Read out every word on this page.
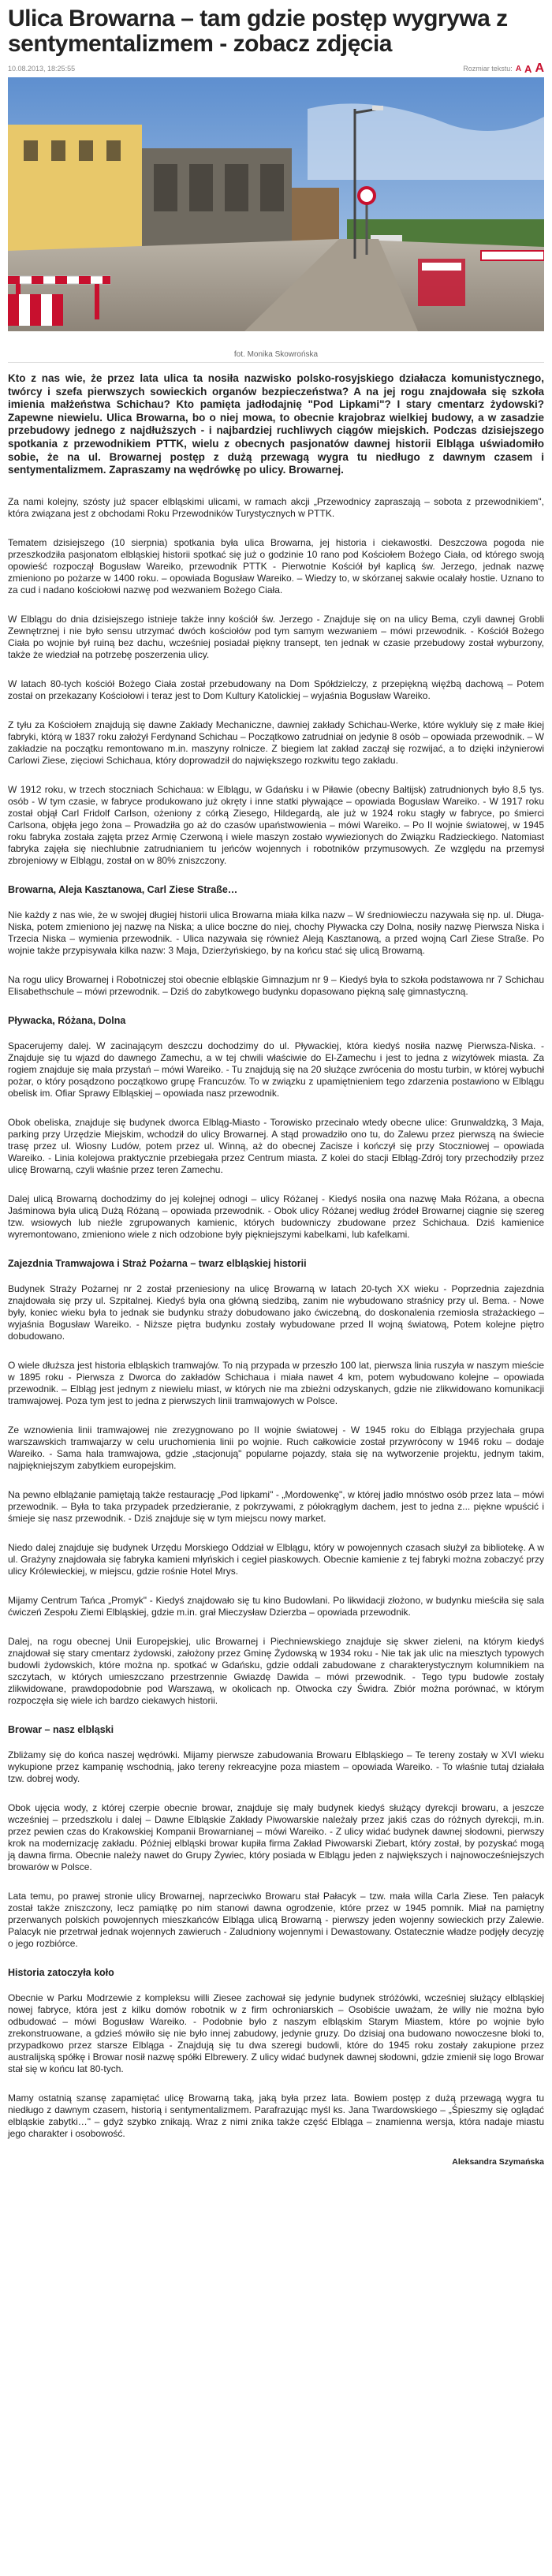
Ulica Browarna – tam gdzie postęp wygrywa z sentymentalizmem - zobacz zdjęcia
10.08.2013, 18:25:55	Rozmiar tekstu: A A A
fot. Monika Skowrońska
Kto z nas wie, że przez lata ulica ta nosiła nazwisko polsko-rosyjskiego działacza komunistycznego, twórcy i szefa pierwszych sowieckich organów bezpieczeństwa? A na jej rogu znajdowała się szkoła imienia małżeństwa Schichau? Kto pamięta jadłodajnię "Pod Lipkami"? I stary cmentarz żydowski? Zapewne niewielu. Ulica Browarna, bo o niej mowa, to obecnie krajobraz wielkiej budowy, a w zasadzie przebudowy jednego z najdłuższych - i najbardziej ruchliwych ciągów miejskich. Podczas dzisiejszego spotkania z przewodnikiem PTTK, wielu z obecnych pasjonatów dawnej historii Elbląga uświadomiło sobie, że na ul. Browarnej postęp z dużą przewagą wygra tu niedługo z dawnym czasem i sentymentalizmem. Zapraszamy na wędrówkę po ulicy. Browarnej.

Za nami kolejny, szósty już spacer elbląskimi ulicami, w ramach akcji „Przewodnicy zapraszają – sobota z przewodnikiem", która związana jest z obchodami Roku Przewodników Turystycznych w PTTK.

Tematem dzisiejszego (10 sierpnia) spotkania była ulica Browarna, jej historia i ciekawostki. Deszczowa pogoda nie przeszkodziła pasjonatom elbląskiej historii spotkać się już o godzinie 10 rano pod Kościołem Bożego Ciała, od którego swoją opowieść rozpoczął Bogusław Wareiko, przewodnik PTTK - Pierwotnie Kościół był kaplicą św. Jerzego, jednak nazwę zmieniono po pożarze w 1400 roku. – opowiada Bogusław Wareiko. – Wiedzy to, w skórzanej sakwie ocalały hostie. Uznano to za cud i nadano kościołowi nazwę pod wezwaniem Bożego Ciała.

W Elblągu do dnia dzisiejszego istnieje także inny kościół św. Jerzego - Znajduje się on na ulicy Bema, czyli dawnej Grobli Zewnętrznej i nie było sensu utrzymać dwóch kościołów pod tym samym wezwaniem – mówi przewodnik. - Kościół Bożego Ciała po wojnie był ruiną bez dachu, wcześniej posiadał piękny transept, ten jednak w czasie przebudowy został wyburzony, także że wiedział na potrzebę poszerzenia ulicy.

W latach 80-tych kościół Bożego Ciała został przebudowany na Dom Spółdzielczy, z przepiękną więźbą dachową – Potem został on przekazany Kościołowi i teraz jest to Dom Kultury Katolickiej – wyjaśnia Bogusław Wareiko.

Z tyłu za Kościołem znajdują się dawne Zakłady Mechaniczne, dawniej zakłady Schichau-Werke, które wykluły się z małe łkiej fabryki, którą w 1837 roku założył Ferdynand Schichau – Początkowo zatrudniał on jedynie 8 osób – opowiada przewodnik. – W zakładzie na początku remontowano m.in. maszyny rolnicze. Z biegiem lat zakład zaczął się rozwijać, a to dzięki inżynierowi Carlowi Ziese, zięciowi Schichaua, który doprowadził do największego rozkwitu tego zakładu.

W 1912 roku, w trzech stoczniach Schichaua: w Elblągu, w Gdańsku i w Piławie (obecny Bałtijsk) zatrudnionych było 8,5 tys. osób - W tym czasie, w fabryce produkowano już okręty i inne statki pływające – opowiada Bogusław Wareiko. - W 1917 roku został objął Carl Fridolf Carlson, ożeniony z córką Ziesego, Hildegardą, ale już w 1924 roku stagły w fabryce, po śmierci Carlsona, objęła jego żona – Prowadziła go aż do czasów upaństwowienia – mówi Wareiko. – Po II wojnie światowej, w 1945 roku fabryka została zajęta przez Armię Czerwoną i wiele maszyn zostało wywiezionych do Związku Radzieckiego. Natomiast fabryka zajęła się niechlubnie zatrudnianiem tu jeńców wojennych i robotników przymusowych. Ze względu na przemysł zbrojeniowy w Elblągu, został on w 80% zniszczony.

Browarna, Aleja Kasztanowa, Carl Ziese Straße…

Nie każdy z nas wie, że w swojej długiej historii ulica Browarna miała kilka nazw – W średniowieczu nazywała się np. ul. Długa-Niska, potem zmieniono jej nazwę na Niska; a ulice boczne do niej, chochy Pływacka czy Dolna, nosiły nazwę Pierwsza Niska i Trzecia Niska – wymienia przewodnik. - Ulica nazywała się również Aleją Kasztanową, a przed wojną Carl Ziese Straße. Po wojnie także przypisywała kilka nazw: 3 Maja, Dzierżyńskiego, by na końcu stać się ulicą Browarną.

Na rogu ulicy Browarnej i Robotniczej stoi obecnie elbląskie Gimnazjum nr 9 – Kiedyś była to szkoła podstawowa nr 7 Schichau Elisabethschule – mówi przewodnik. – Dziś do zabytkowego budynku dopasowano piękną salę gimnastyczną.

Pływacka, Różana, Dolna

Spacerujemy dalej. W zacinającym deszczu dochodzimy do ul. Pływackiej, która kiedyś nosiła nazwę Pierwsza-Niska. - Znajduje się tu wjazd do dawnego Zamechu, a w tej chwili właściwie do El-Zamechu i jest to jedna z wizytówek miasta. Za rogiem znajduje się mała przystań – mówi Wareiko. - Tu znajdują się na 20 służące zwrócenia do mostu turbin, w której wybuchł pożar, o który posądzono początkowo grupę Francuzów. To w związku z upamiętnieniem tego zdarzenia postawiono w Elblągu obelisk im. Ofiar Sprawy Elbląskiej – opowiada nasz przewodnik.

Obok obeliska, znajduje się budynek dworca Elbląg-Miasto - Torowisko przecinało wtedy obecne ulice: Grunwaldzką, 3 Maja, parking przy Urzędzie Miejskim, wchodził do ulicy Browarnej. A stąd prowadziło ono tu, do Zalewu przez pierwszą na świecie trasę przez ul. Wiosny Ludów, potem przez ul. Winną, aż do obecnej Zacisze i kończył się przy Stoczniowej – opowiada Wareiko. - Linia kolejowa praktycznie przebiegała przez Centrum miasta. Z kolei do stacji Elbląg-Zdrój tory przechodziły przez ulicę Browarną, czyli właśnie przez teren Zamechu.

Dalej ulicą Browarną dochodzimy do jej kolejnej odnogi – ulicy Różanej - Kiedyś nosiła ona nazwę Mała Różana, a obecna Jaśminowa była ulicą Dużą Różaną – opowiada przewodnik. - Obok ulicy Różanej według źródeł Browarnej ciągnie się szereg tzw. wsiowych lub nieźle zgrupowanych kamienic, których budowniczy zbudowane przez Schichaua. Dziś kamienice wyremontowano, zmieniono wiele z nich odzobione były piękniejszymi kabelkami, lub kafelkami.

Zajezdnia Tramwajowa i Straż Pożarna – twarz elbląskiej historii

Budynek Straży Pożarnej nr 2 został przeniesiony na ulicę Browarną w latach 20-tych XX wieku - Poprzednia zajezdnia znajdowała się przy ul. Szpitalnej. Kiedyś była ona główną siedzibą, zanim nie wybudowano straśnicy przy ul. Bema. - Nowe były, koniec wieku była to jednak sie budynku straży dobudowano jako ćwiczebną, do doskonalenia rzemiosła strażackiego – wyjaśnia Bogusław Wareiko. - Niższe piętra budynku zostały wybudowane przed II wojną światową, Potem kolejne piętro dobudowano.

O wiele dłuższa jest historia elbląskich tramwajów. To nią przypada w przeszło 100 lat, pierwsza linia ruszyła w naszym mieście w 1895 roku - Pierwsza z Dworca do zakładów Schichaua i miała nawet 4 km, potem wybudowano kolejne – opowiada przewodnik. – Elbląg jest jednym z niewielu miast, w których nie ma zbieżni odzyskanych, gdzie nie zlikwidowano komunikacji tramwajowej. Poza tym jest to jedna z pierwszych linii tramwajowych w Polsce.

Ze wznowienia linii tramwajowej nie zrezygnowano po II wojnie światowej - W 1945 roku do Elbląga przyjechała grupa warszawskich tramwajarzy w celu uruchomienia linii po wojnie. Ruch całkowicie został przywrócony w 1946 roku – dodaje Wareiko. - Sama hala tramwajowa, gdzie „stacjonują" popularne pojazdy, stała się na wytworzenie projektu, jednym takim, najpiękniejszym zabytkiem europejskim.

Na pewno elblążanie pamiętają także restaurację „Pod lipkami" - „Mordowenkę", w której jadło mnóstwo osób przez lata – mówi przewodnik. – Była to taka przypadek przedzieranie, z pokrzywami, z półokrągłym dachem, jest to jedna z... piękne wpuścić i śmieje się nasz przewodnik. - Dziś znajduje się w tym miejscu nowy market.

Niedo dalej znajduje się budynek Urzędu Morskiego Oddział w Elblągu, który w powojennych czasach służył za bibliotekę. A w ul. Grażyny znajdowała się fabryka kamieni młyńskich i cegieł piaskowych. Obecnie kamienie z tej fabryki można zobaczyć przy ulicy Królewieckiej, w miejscu, gdzie rośnie Hotel Mrys.

Mijamy Centrum Tańca „Promyk" - Kiedyś znajdowało się tu kino Budowlani. Po likwidacji złożono, w budynku mieściła się sala ćwiczeń Zespołu Ziemi Elbląskiej, gdzie m.in. grał Mieczysław Dzierzba – opowiada przewodnik.

Dalej, na rogu obecnej Unii Europejskiej, ulic Browarnej i Piechniewskiego znajduje się skwer zieleni, na którym kiedyś znajdował się stary cmentarz żydowski, założony przez Gminę Żydowską w 1934 roku - Nie tak jak ulic na miesztych typowych budowli żydowskich, które można np. spotkać w Gdańsku, gdzie oddali zabudowane z charakterystycznym kolumnikiem na szczytach, w których umieszczano przestrzennie Gwiazdę Dawida – mówi przewodnik. - Tego typu budowle zostały zlikwidowane, prawdopodobnie pod Warszawą, w okolicach np. Otwocka czy Świdra. Zbiór można porównać, w którym rozpoczęła się wiele ich bardzo ciekawych historii.

Browar – nasz elbląski

Zbliżamy się do końca naszej wędrówki. Mijamy pierwsze zabudowania Browaru Elbląskiego – Te tereny zostały w XVI wieku wykupione przez kampanię wschodnią, jako tereny rekreacyjne poza miastem – opowiada Wareiko. - To właśnie tutaj działała tzw. dobrej wody.

Obok ujęcia wody, z której czerpie obecnie browar, znajduje się mały budynek kiedyś służący dyrekcji browaru, a jeszcze wcześniej – przedszkolu i dalej – Dawne Elbląskie Zakłady Piwowarskie należały przez jakiś czas do różnych dyrekcji, m.in. przez pewien czas do Krakowskiej Kompanii Browarnianej – mówi Wareiko. - Z ulicy widać budynek dawnej słodowni, pierwszy krok na modernizację zakładu. Później elbląski browar kupiła firma Zakład Piwowarski Ziebart, który został, by pozyskać mogą ją dawna firma. Obecnie należy nawet do Grupy Żywiec, który posiada w Elblągu jeden z największych i najnowocześniejszych browarów w Polsce.

Lata temu, po prawej stronie ulicy Browarnej, naprzeciwko Browaru stał Pałacyk – tzw. mała willa Carla Ziese. Ten pałacyk został także zniszczony, lecz pamiątkę po nim stanowi dawna ogrodzenie, które przez w 1945 pomnik. Miał na pamiętny przerwanych polskich powojennych mieszkańców Elbląga ulicą Browarną - pierwszy jeden wojenny sowieckich przy Zalewie. Palacyk nie przetrwał jednak wojennych zawieruch - Zaludniony wojennymi i Dewastowany. Ostatecznie władze podjęły decyzję o jego rozbiórce.

Historia zatoczyła koło

Obecnie w Parku Modrzewie z kompleksu willi Ziesee zachował się jedynie budynek stróżówki, wcześniej służący elbląskiej nowej fabryce, która jest z kilku domów robotnik w z firm ochroniarskich – Osobiście uważam, że willy nie można było odbudować – mówi Bogusław Wareiko. - Podobnie było z naszym elbląskim Starym Miastem, które po wojnie było zrekonstruowane, a gdzieś mówiło się nie było innej zabudowy, jedynie gruzy. Do dzisiaj ona budowano nowoczesne bloki to, przypadkowo przez starsze Elbląga - Znajdują się tu dwa szeregi budowli, które do 1945 roku zostały zakupione przez australijską spółkę i Browar nosił nazwę spółki Elbrewery. Z ulicy widać budynek dawnej słodowni, gdzie zmienił się logo Browar stał się w końcu lat 80-tych.

Mamy ostatnią szansę zapamiętać ulicę Browarną taką, jaką była przez lata. Bowiem postęp z dużą przewagą wygra tu niedługo z dawnym czasem, historią i sentymentalizmem. Parafrazując myśl ks. Jana Twardowskiego – „Śpieszmy się oglądać elbląskie zabytki…" – gdyż szybko znikają. Wraz z nimi znika także część Elbląga – znamienna wersja, która nadaje miastu jego charakter i osobowość.

Aleksandra Szymańska
